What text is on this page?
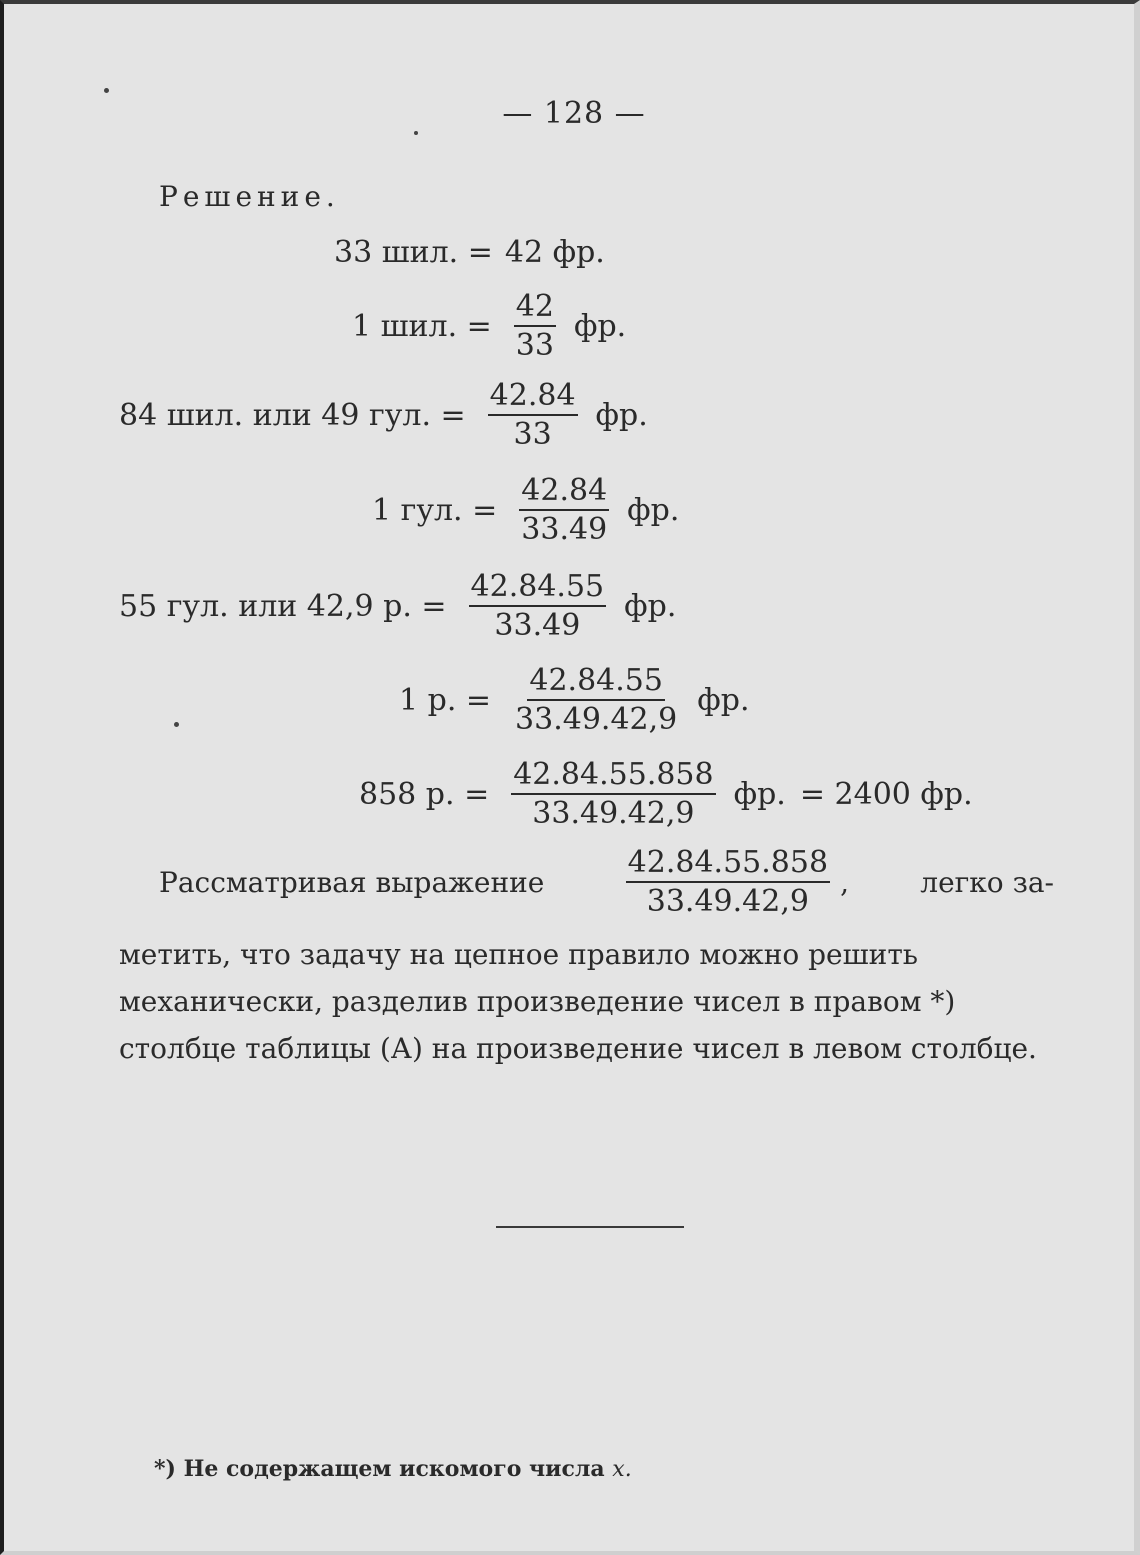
— 128 —
Решение.
33 шил. = 42 фр.
1 шил. = $\frac{42}{33}$ фр.
84 шил. или 49 гул. = $\frac{42.84}{33}$ фр.
1 гул. = $\frac{42.84}{33.49}$ фр.
55 гул. или 42,9 р. = $\frac{42.84.55}{33.49}$ фр.
1 р. = $\frac{42.84.55}{33.49.42,9}$ фр.
858 р. = $\frac{42.84.55.858}{33.49.42,9}$ фр. = 2400 фр.
Рассматривая выражение	$\frac{42.84.55.858}{33.49.42,9}$ ,	легко за-
метить, что задачу на цепное правило можно решить механически, разделив произведение чисел в правом *) столбце таблицы (А) на произведение чисел в левом столбце.
*) Не содержащем искомого числа x.
